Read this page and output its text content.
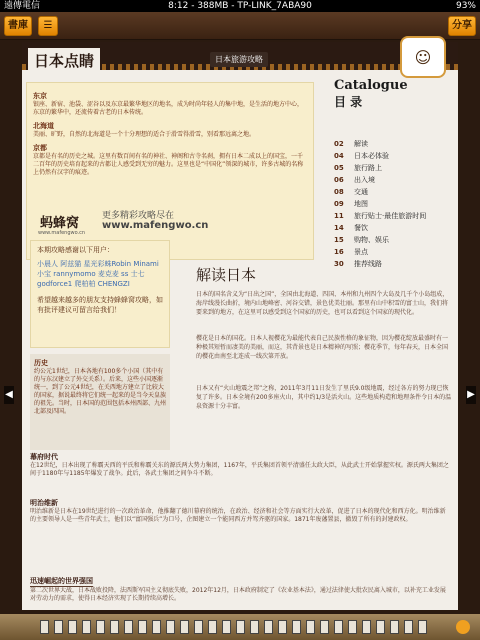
遠傳電信	8:12 - 388MB - TP-LINK_7ABA90	93%
書庫	☰	分享
☺
日本点睛	日本旅游攻略
东京

银座、新宿、池袋、涩谷以及东京最繁华地区的地名，成为时尚年轻人的集中地，是生活的地方中心，东京的繁华中，还流传着古老的日本传统。

北海道

美丽、旷野，自然的北海道是一个十分理想的适合于滑雪得滑雪，别看那远离之地。

京都

京都是有名的历史之城。这里有数百间有名的神社、神阁和古寺名刹，拥有日本二成以上的国宝，一千二百年的历史培育起来的古都让人感受到无穷的魅力。这里也是“中国化”领深的城市，许多古城的名称上仍然有汉字的痕迹。

Catalogue
目 录
02 解读
04 日本必体验
05 旅行路上
06 出入境
08 交通
09 地图
11 旅行贴士·最佳旅游时间
14 餐饮
15 购物、娱乐
16 景点
30 推荐线路
蚂蜂窝
www.mafengwo.cn
更多精彩攻略尽在
www.mafengwo.cn
本期攻略感谢以下用户：
小晨人 阿兹猫 星光彩蛛Robin Minami 小宝 rannymomo 麦克麦 ss 士七 godforce1 爬柏柏 CHENGZI
希望越来越多的朋友支持蜂蜂窝攻略，如有批评建议可留言给我们！
解读日本
日本的国名含义为“日出之国”，全国由北海道、四国、本州和九州四个大岛及几千个小岛组成，海岸线漫长曲折，境内山地峰密、河谷交错，景色优美壮丽。那里有山中积雪的富士山，我们将要来到的地方，在这里可以感受到这个国家的历史，也可以看到这个国家的现代化。
樱花是日本的国花。日本人视樱花为最能代表自己民族性格的象征物，因为樱花绽放最盛时有一种极其短暂而凄美的美丽，而这，其背景也是日本精神的写照；樱花季节，每年春天，日本全国的樱花由南至北连成一线次第开放。
日本又有“火山地震之邦”之称，2011年3月11日发生了里氏9.0级地震，经过各方的努力现已恢复了许多。日本全境有200多座火山，其中约1/3是活火山。这些地质构造和地理条件令日本的温泉资源十分丰富。
历史

约公元1世纪，日本各地有100多个小国（其中有的与东汉建立了外交关系）。后来，这些小国逐渐统一，到了公元4世纪，在关西地方建立了比较大的国家，据说最终将它们统一起来的是当今天皇族的祖先。当时，日本国的范围包括本州西部、九州北部及四国。

幕府时代

在12世纪，日本出现了称霸天西的平氏和称霸关东的源氏两大势力集团，1167年，平氏集团首领平清盛任太政大臣，从此武士开始掌握实权。源氏两大集团之间于1180年与1185年爆发了战争。此后，各武士集团之间争斗不断。

明治维新

明治维新是日本在19世纪进行的一次政治革命，他推翻了德川幕府的统治，在政治、经济和社会等方面实行大改革，促进了日本的现代化和西方化。明治维新的主要领导人是一些青年武士，他们以“富国强兵”为口号，企图建立一个能同西方并驾齐驱的国家。1871年废藩置县，撤毁了所有的封建政权。

迅速崛起的世界强国

第二次世界大战，日本战败投降，法西斯军国主义彻底失败，2012年12月，日本政府制定了《农业基本法》，通过法律使大批农民离入城市，以补充工业发展对劳动力的需求，使得日本经济实现了长期持续高增长。

◀	▶
